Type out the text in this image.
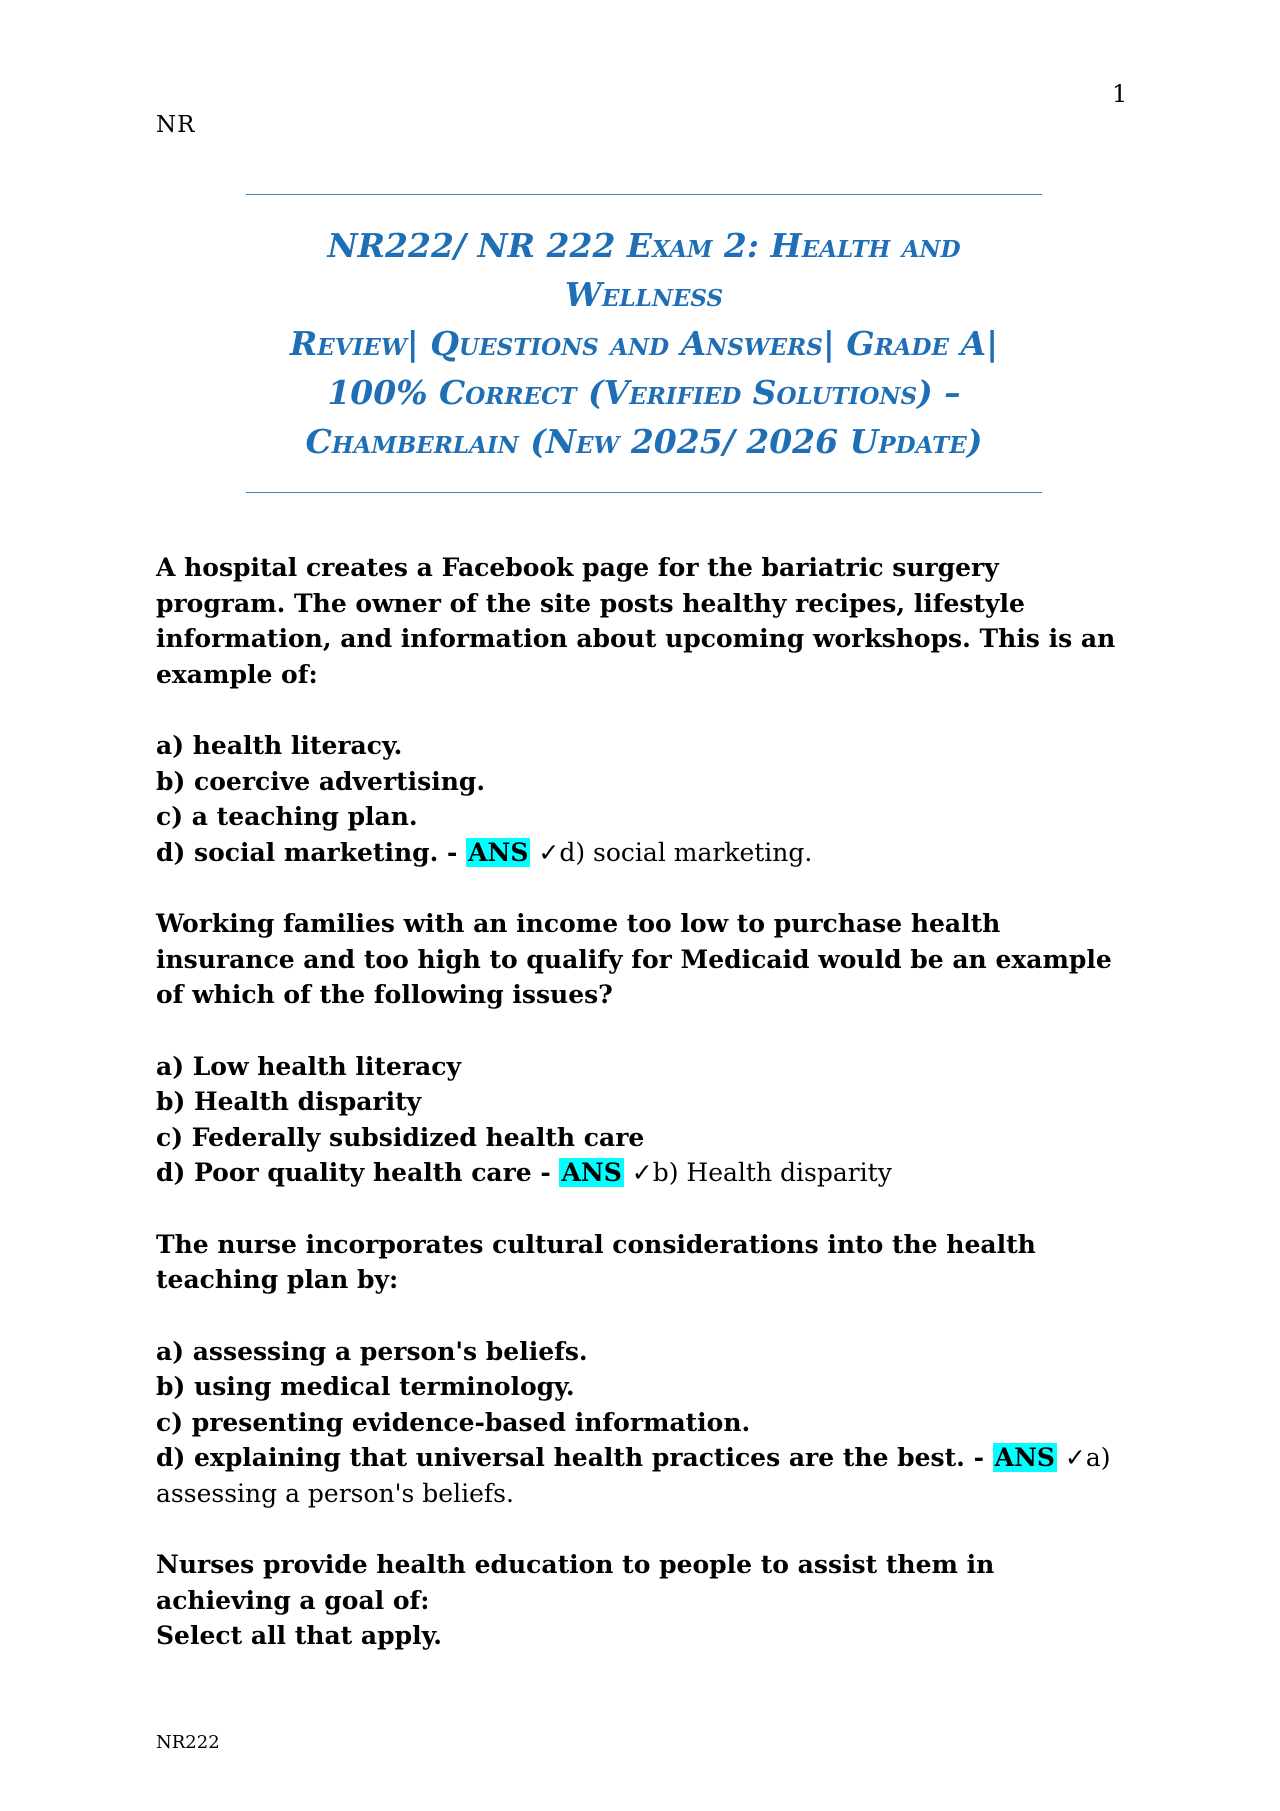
1
NR
NR222/ NR 222 Exam 2: Health and Wellness
Review| Questions and Answers| Grade A|
100% Correct (Verified Solutions) –
Chamberlain (New 2025/ 2026 Update)

A hospital creates a Facebook page for the bariatric surgery program. The owner of the site posts healthy recipes, lifestyle information, and information about upcoming workshops. This is an example of:

a) health literacy.

b) coercive advertising.

c) a teaching plan.

d) social marketing. - ANS ✓d) social marketing.

Working families with an income too low to purchase health insurance and too high to qualify for Medicaid would be an example of which of the following issues?

a) Low health literacy

b) Health disparity

c) Federally subsidized health care

d) Poor quality health care - ANS ✓b) Health disparity

The nurse incorporates cultural considerations into the health teaching plan by:

a) assessing a person's beliefs.

b) using medical terminology.

c) presenting evidence-based information.

d) explaining that universal health practices are the best. - ANS ✓a) assessing a person's beliefs.

Nurses provide health education to people to assist them in achieving a goal of:

Select all that apply.

NR222
